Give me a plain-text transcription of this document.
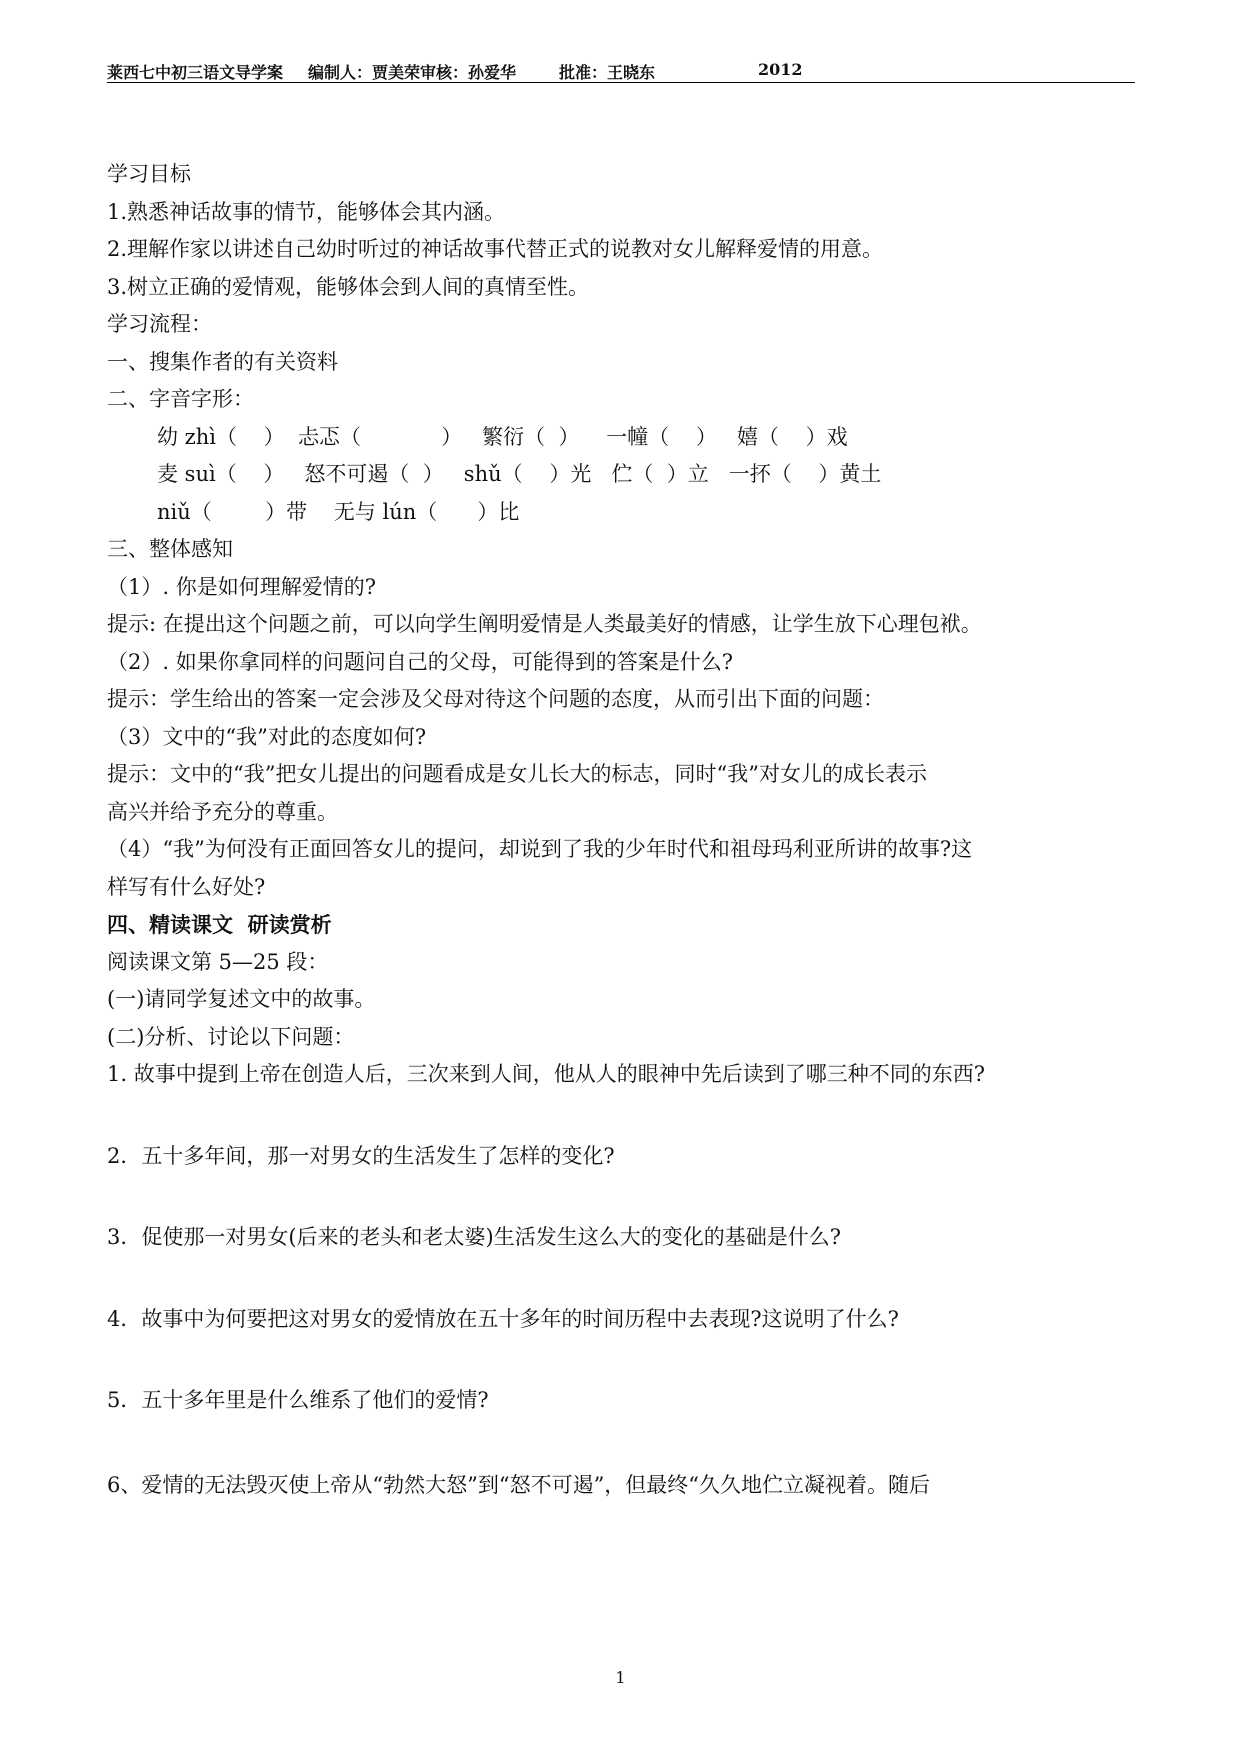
莱西七中初三语文导学案 编制人：贾美荣审核：孙爱华	批准：王晓东	2012
学习目标
1.熟悉神话故事的情节，能够体会其内涵。
2.理解作家以讲述自己幼时听过的神话故事代替正式的说教对女儿解释爱情的用意。
3.树立正确的爱情观，能够体会到人间的真情至性。
学习流程：
一、搜集作者的有关资料
二、字音字形：
幼 zhì（    ）  忐忑（            ）   繁衍（  ）    一幢（    ）   嬉（    ）戏
麦 suì（    ）   怒不可遏（  ）   shǔ（    ）光   伫（  ）立   一抔（    ）黄土
niǔ（        ）带    无与 lún（      ）比
三、整体感知
（1）. 你是如何理解爱情的?
提示: 在提出这个问题之前，可以向学生阐明爱情是人类最美好的情感，让学生放下心理包袱。
（2）. 如果你拿同样的问题问自己的父母，可能得到的答案是什么?
提示：学生给出的答案一定会涉及父母对待这个问题的态度，从而引出下面的问题：
（3）文中的“我”对此的态度如何?
提示：文中的“我”把女儿提出的问题看成是女儿长大的标志，同时“我”对女儿的成长表示
高兴并给予充分的尊重。
（4）“我”为何没有正面回答女儿的提问，却说到了我的少年时代和祖母玛利亚所讲的故事?这
样写有什么好处?
四、精读课文  研读赏析
阅读课文第 5—25 段：
(一)请同学复述文中的故事。
(二)分析、讨论以下问题：
1. 故事中提到上帝在创造人后，三次来到人间，他从人的眼神中先后读到了哪三种不同的东西?
2．五十多年间，那一对男女的生活发生了怎样的变化?
3．促使那一对男女(后来的老头和老太婆)生活发生这么大的变化的基础是什么?
4．故事中为何要把这对男女的爱情放在五十多年的时间历程中去表现?这说明了什么?
5．五十多年里是什么维系了他们的爱情?
6、爱情的无法毁灭使上帝从“勃然大怒”到“怒不可遏”，但最终“久久地伫立凝视着。随后
1
